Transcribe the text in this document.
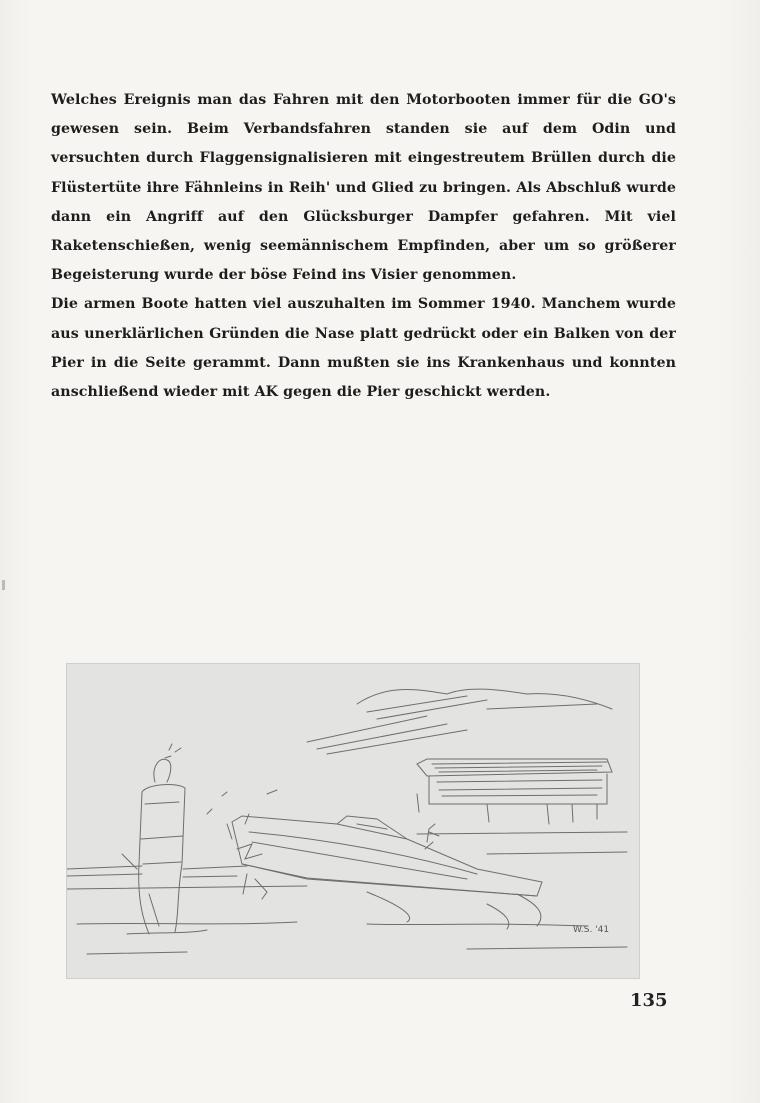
Welches Ereignis man das Fahren mit den Motorbooten immer für die GO's gewesen sein. Beim Verbandsfahren standen sie auf dem Odin und versuchten durch Flaggensignalisieren mit eingestreutem Brüllen durch die Flüstertüte ihre Fähnleins in Reih' und Glied zu bringen. Als Abschluß wurde dann ein Angriff auf den Glücksburger Dampfer gefahren. Mit viel Raketenschießen, wenig seemännischem Empfinden, aber um so größerer Begeisterung wurde der böse Feind ins Visier genommen.

Die armen Boote hatten viel auszuhalten im Sommer 1940. Manchem wurde aus unerklärlichen Gründen die Nase platt gedrückt oder ein Balken von der Pier in die Seite gerammt. Dann mußten sie ins Krankenhaus und konnten anschließend wieder mit AK gegen die Pier geschickt werden.

W.S. '41
135
